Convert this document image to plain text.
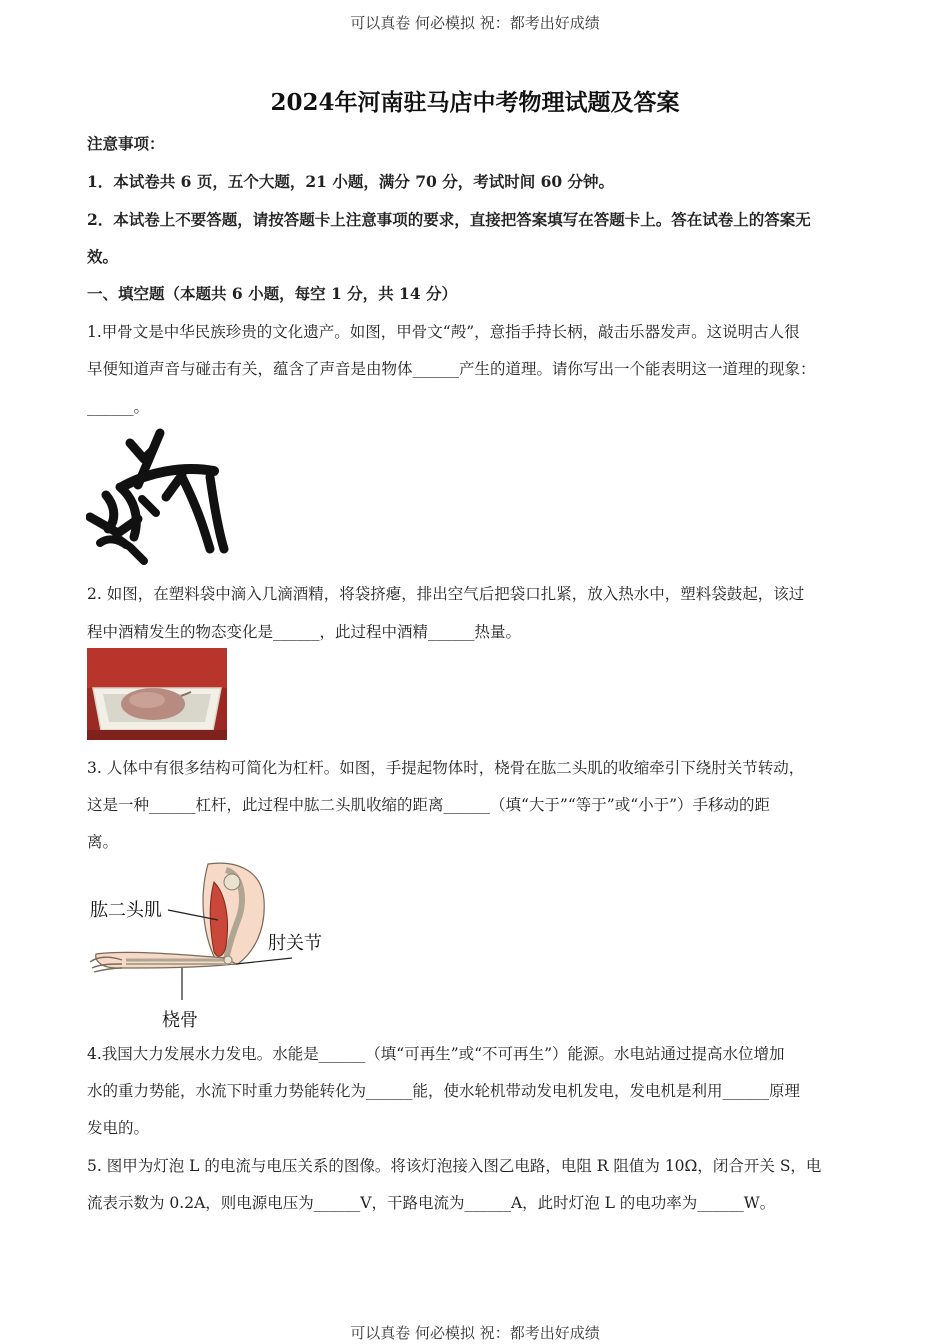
可以真卷 何必模拟 祝：都考出好成绩
2024年河南驻马店中考物理试题及答案
注意事项：
1．本试卷共 6 页，五个大题，21 小题，满分 70 分，考试时间 60 分钟。
2．本试卷上不要答题，请按答题卡上注意事项的要求，直接把答案填写在答题卡上。答在试卷上的答案无
效。
一、填空题（本题共 6 小题，每空 1 分，共 14 分）
1.甲骨文是中华民族珍贵的文化遗产。如图，甲骨文“殸”，意指手持长柄，敲击乐器发声。这说明古人很
早便知道声音与碰击有关，蕴含了声音是由物体______产生的道理。请你写出一个能表明这一道理的现象：
______。
2. 如图，在塑料袋中滴入几滴酒精，将袋挤瘪，排出空气后把袋口扎紧，放入热水中，塑料袋鼓起，该过
程中酒精发生的物态变化是______，此过程中酒精______热量。
3. 人体中有很多结构可简化为杠杆。如图，手提起物体时，桡骨在肱二头肌的收缩牵引下绕肘关节转动，
这是一种______杠杆，此过程中肱二头肌收缩的距离______（填“大于”“等于”或“小于”）手移动的距
离。
肱二头肌
肘关节
桡骨
4.我国大力发展水力发电。水能是______（填“可再生”或“不可再生”）能源。水电站通过提高水位增加
水的重力势能，水流下时重力势能转化为______能，使水轮机带动发电机发电，发电机是利用______原理
发电的。
5. 图甲为灯泡 L 的电流与电压关系的图像。将该灯泡接入图乙电路，电阻 R 阻值为 10Ω，闭合开关 S，电
流表示数为 0.2A，则电源电压为______V，干路电流为______A，此时灯泡 L 的电功率为______W。
可以真卷 何必模拟 祝：都考出好成绩
